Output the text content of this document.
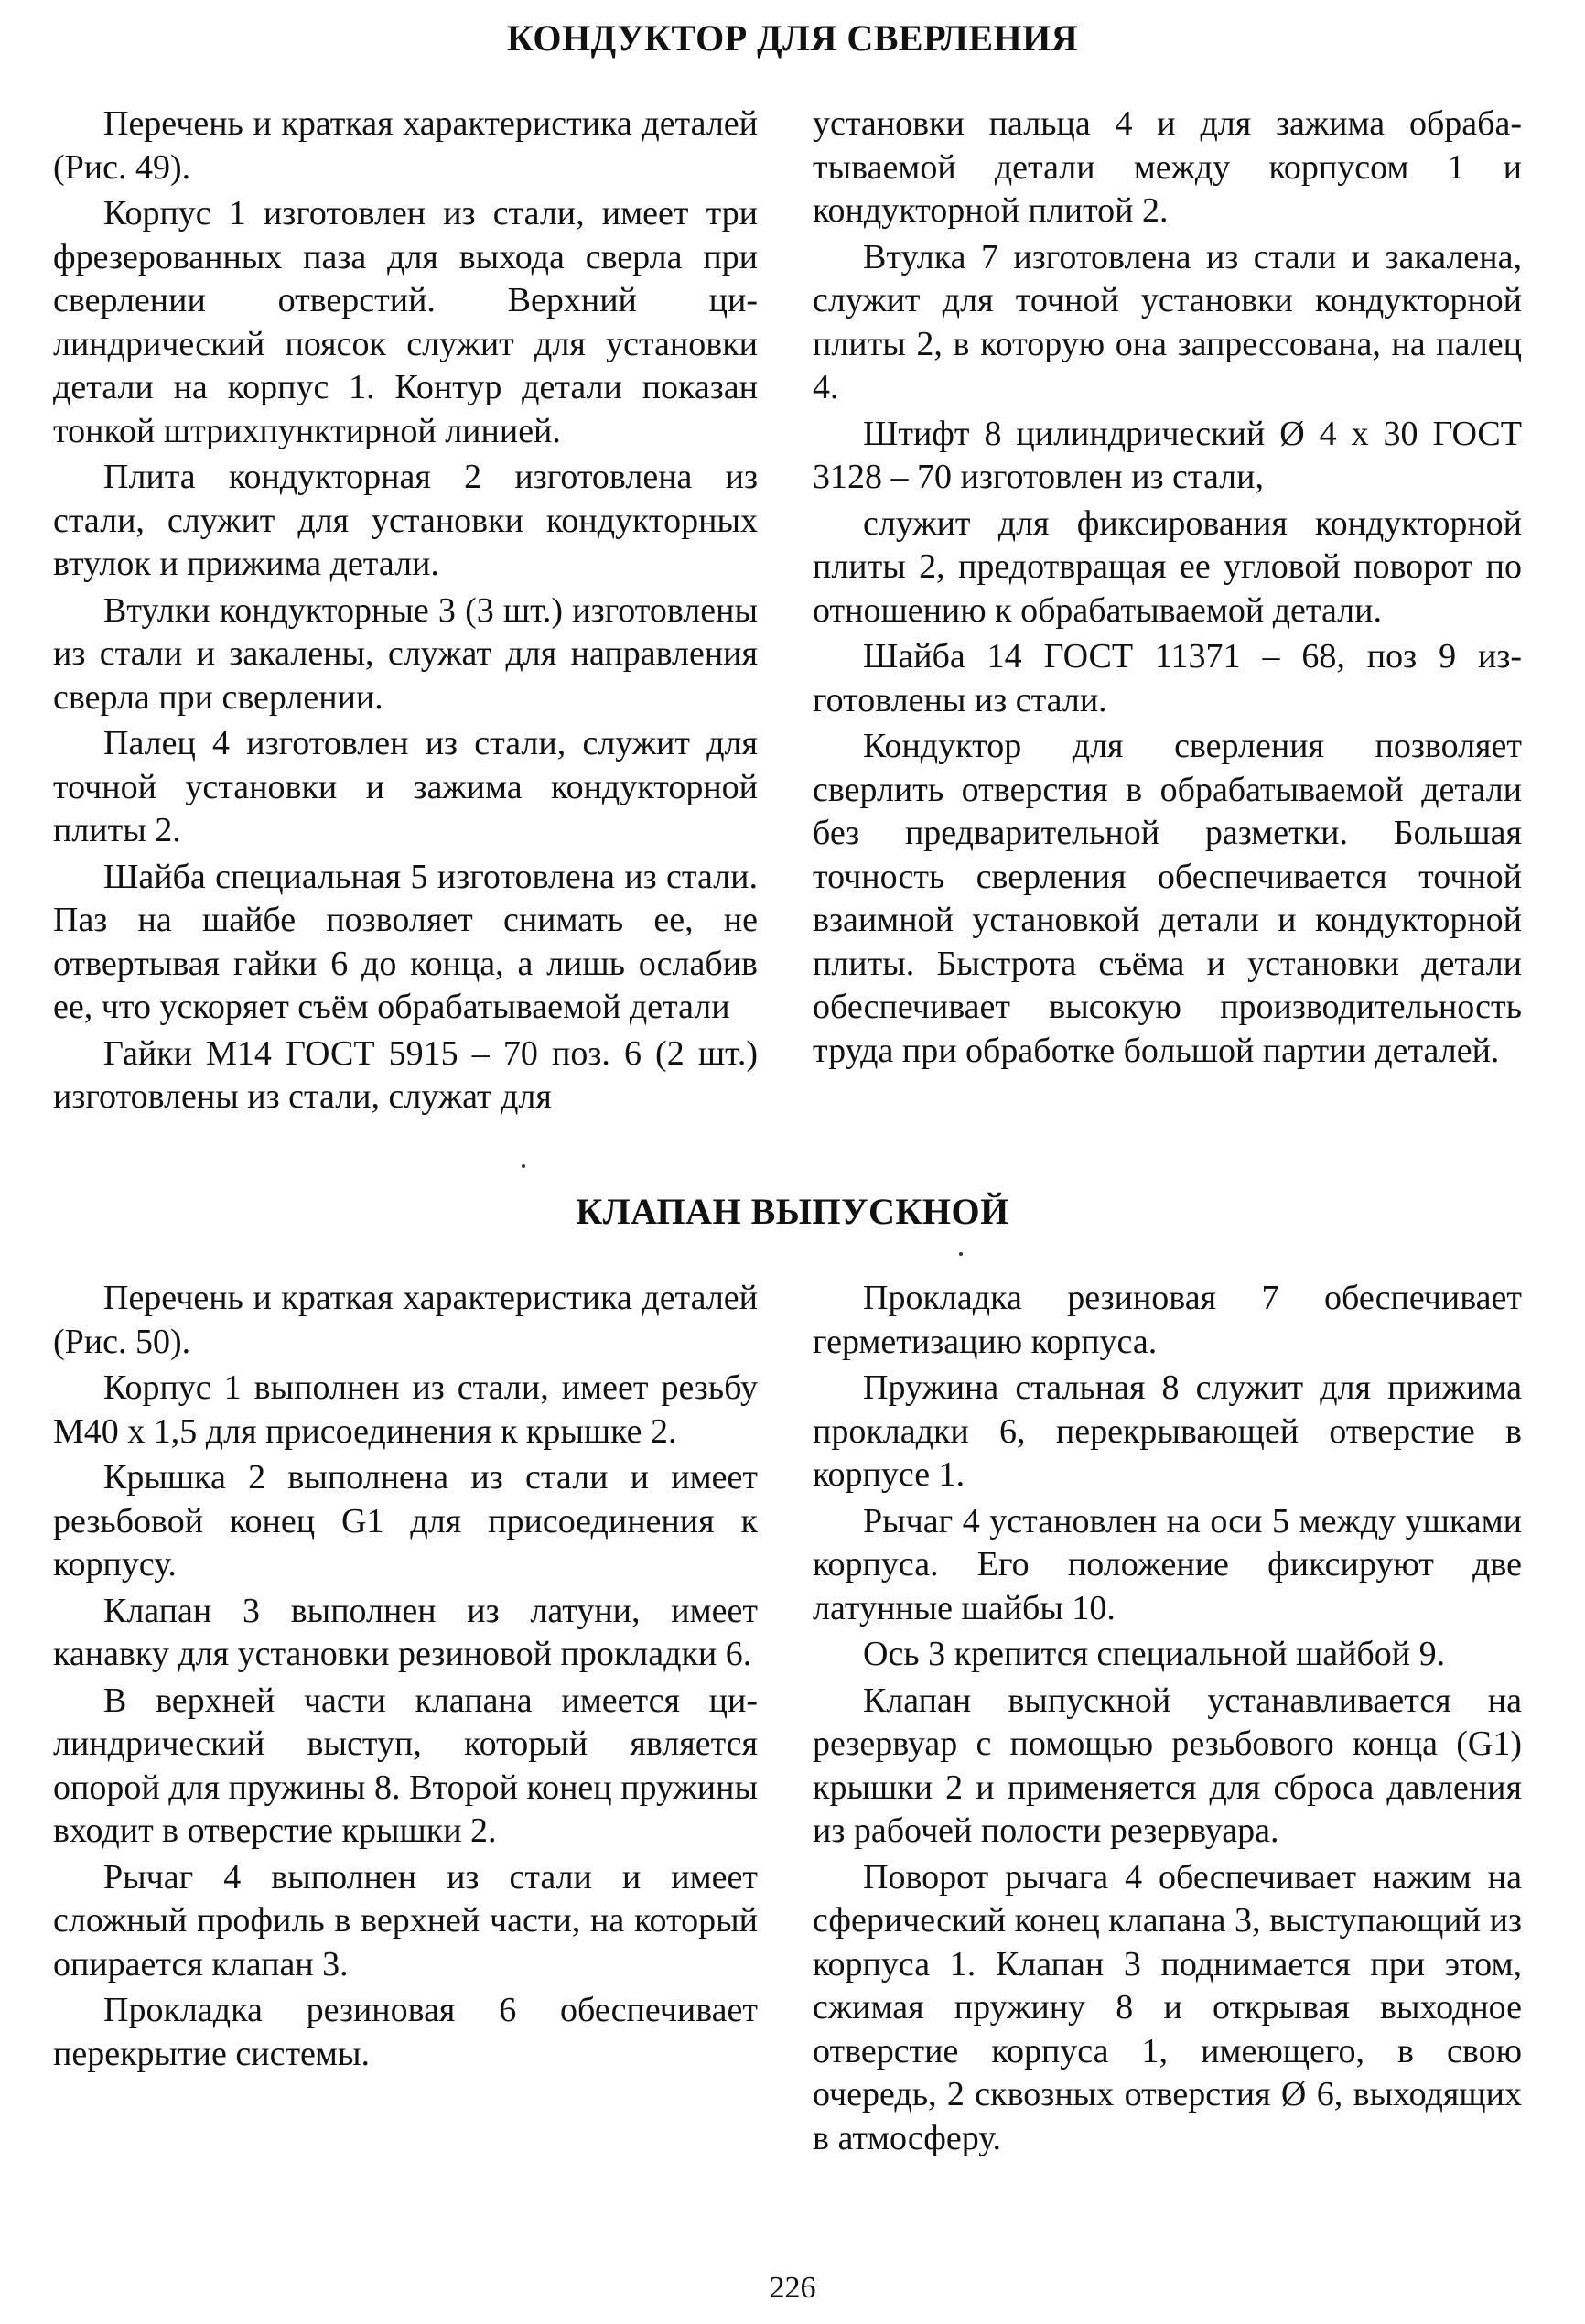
КОНДУКТОР ДЛЯ СВЕРЛЕНИЯ

Перечень и краткая характеристика деталей (Рис. 49).

Корпус 1 изготовлен из стали, имеет три фрезерованных паза для выхода сверла при сверлении отверстий. Верхний цилиндрический поясок служит для установки детали на корпус 1. Контур детали показан тонкой штрихпунктирной линией.

Плита кондукторная 2 изготовлена из стали, служит для установки кондукторных втулок и прижима детали.

Втулки кондукторные 3 (3 шт.) изготовлены из стали и закалены, служат для направления сверла при сверлении.

Палец 4 изготовлен из стали, служит для точной установки и зажима кондукторной плиты 2.

Шайба специальная 5 изготовлена из стали. Паз на шайбе позволяет снимать ее, не отвертывая гайки 6 до конца, а лишь ослабив ее, что ускоряет съём обрабатываемой детали

Гайки М14 ГОСТ 5915 – 70 поз. 6 (2 шт.) изготовлены из стали, служат для

установки пальца 4 и для зажима обрабатываемой детали между корпусом 1 и кондукторной плитой 2.

Втулка 7 изготовлена из стали и закалена, служит для точной установки кондукторной плиты 2, в которую она запрессована, на палец 4.

Штифт 8 цилиндрический Ø 4 x 30 ГОСТ 3128 – 70 изготовлен из стали,

служит для фиксирования кондукторной плиты 2, предотвращая ее угловой поворот по отношению к обрабатываемой детали.

Шайба 14 ГОСТ 11371 – 68, поз 9 изготовлены из стали.

Кондуктор для сверления позволяет сверлить отверстия в обрабатываемой детали без предварительной разметки. Большая точность сверления обеспечивается точной взаимной установкой детали и кондукторной плиты. Быстрота съёма и установки детали обеспечивает высокую производительность труда при обработке большой партии деталей.

КЛАПАН ВЫПУСКНОЙ

Перечень и краткая характеристика деталей (Рис. 50).

Корпус 1 выполнен из стали, имеет резьбу М40 x 1,5 для присоединения к крышке 2.

Крышка 2 выполнена из стали и имеет резьбовой конец G1 для присоединения к корпусу.

Клапан 3 выполнен из латуни, имеет канавку для установки резиновой прокладки 6.

В верхней части клапана имеется цилиндрический выступ, который является опорой для пружины 8. Второй конец пружины входит в отверстие крышки 2.

Рычаг 4 выполнен из стали и имеет сложный профиль в верхней части, на который опирается клапан 3.

Прокладка резиновая 6 обеспечивает перекрытие системы.

Прокладка резиновая 7 обеспечивает герметизацию корпуса.

Пружина стальная 8 служит для прижима прокладки 6, перекрывающей отверстие в корпусе 1.

Рычаг 4 установлен на оси 5 между ушками корпуса. Его положение фиксируют две латунные шайбы 10.

Ось 3 крепится специальной шайбой 9.

Клапан выпускной устанавливается на резервуар с помощью резьбового конца (G1) крышки 2 и применяется для сброса давления из рабочей полости резервуара.

Поворот рычага 4 обеспечивает нажим на сферический конец клапана 3, выступающий из корпуса 1. Клапан 3 поднимается при этом, сжимая пружину 8 и открывая выходное отверстие корпуса 1, имеющего, в свою очередь, 2 сквозных отверстия Ø 6, выходящих в атмосферу.

226
